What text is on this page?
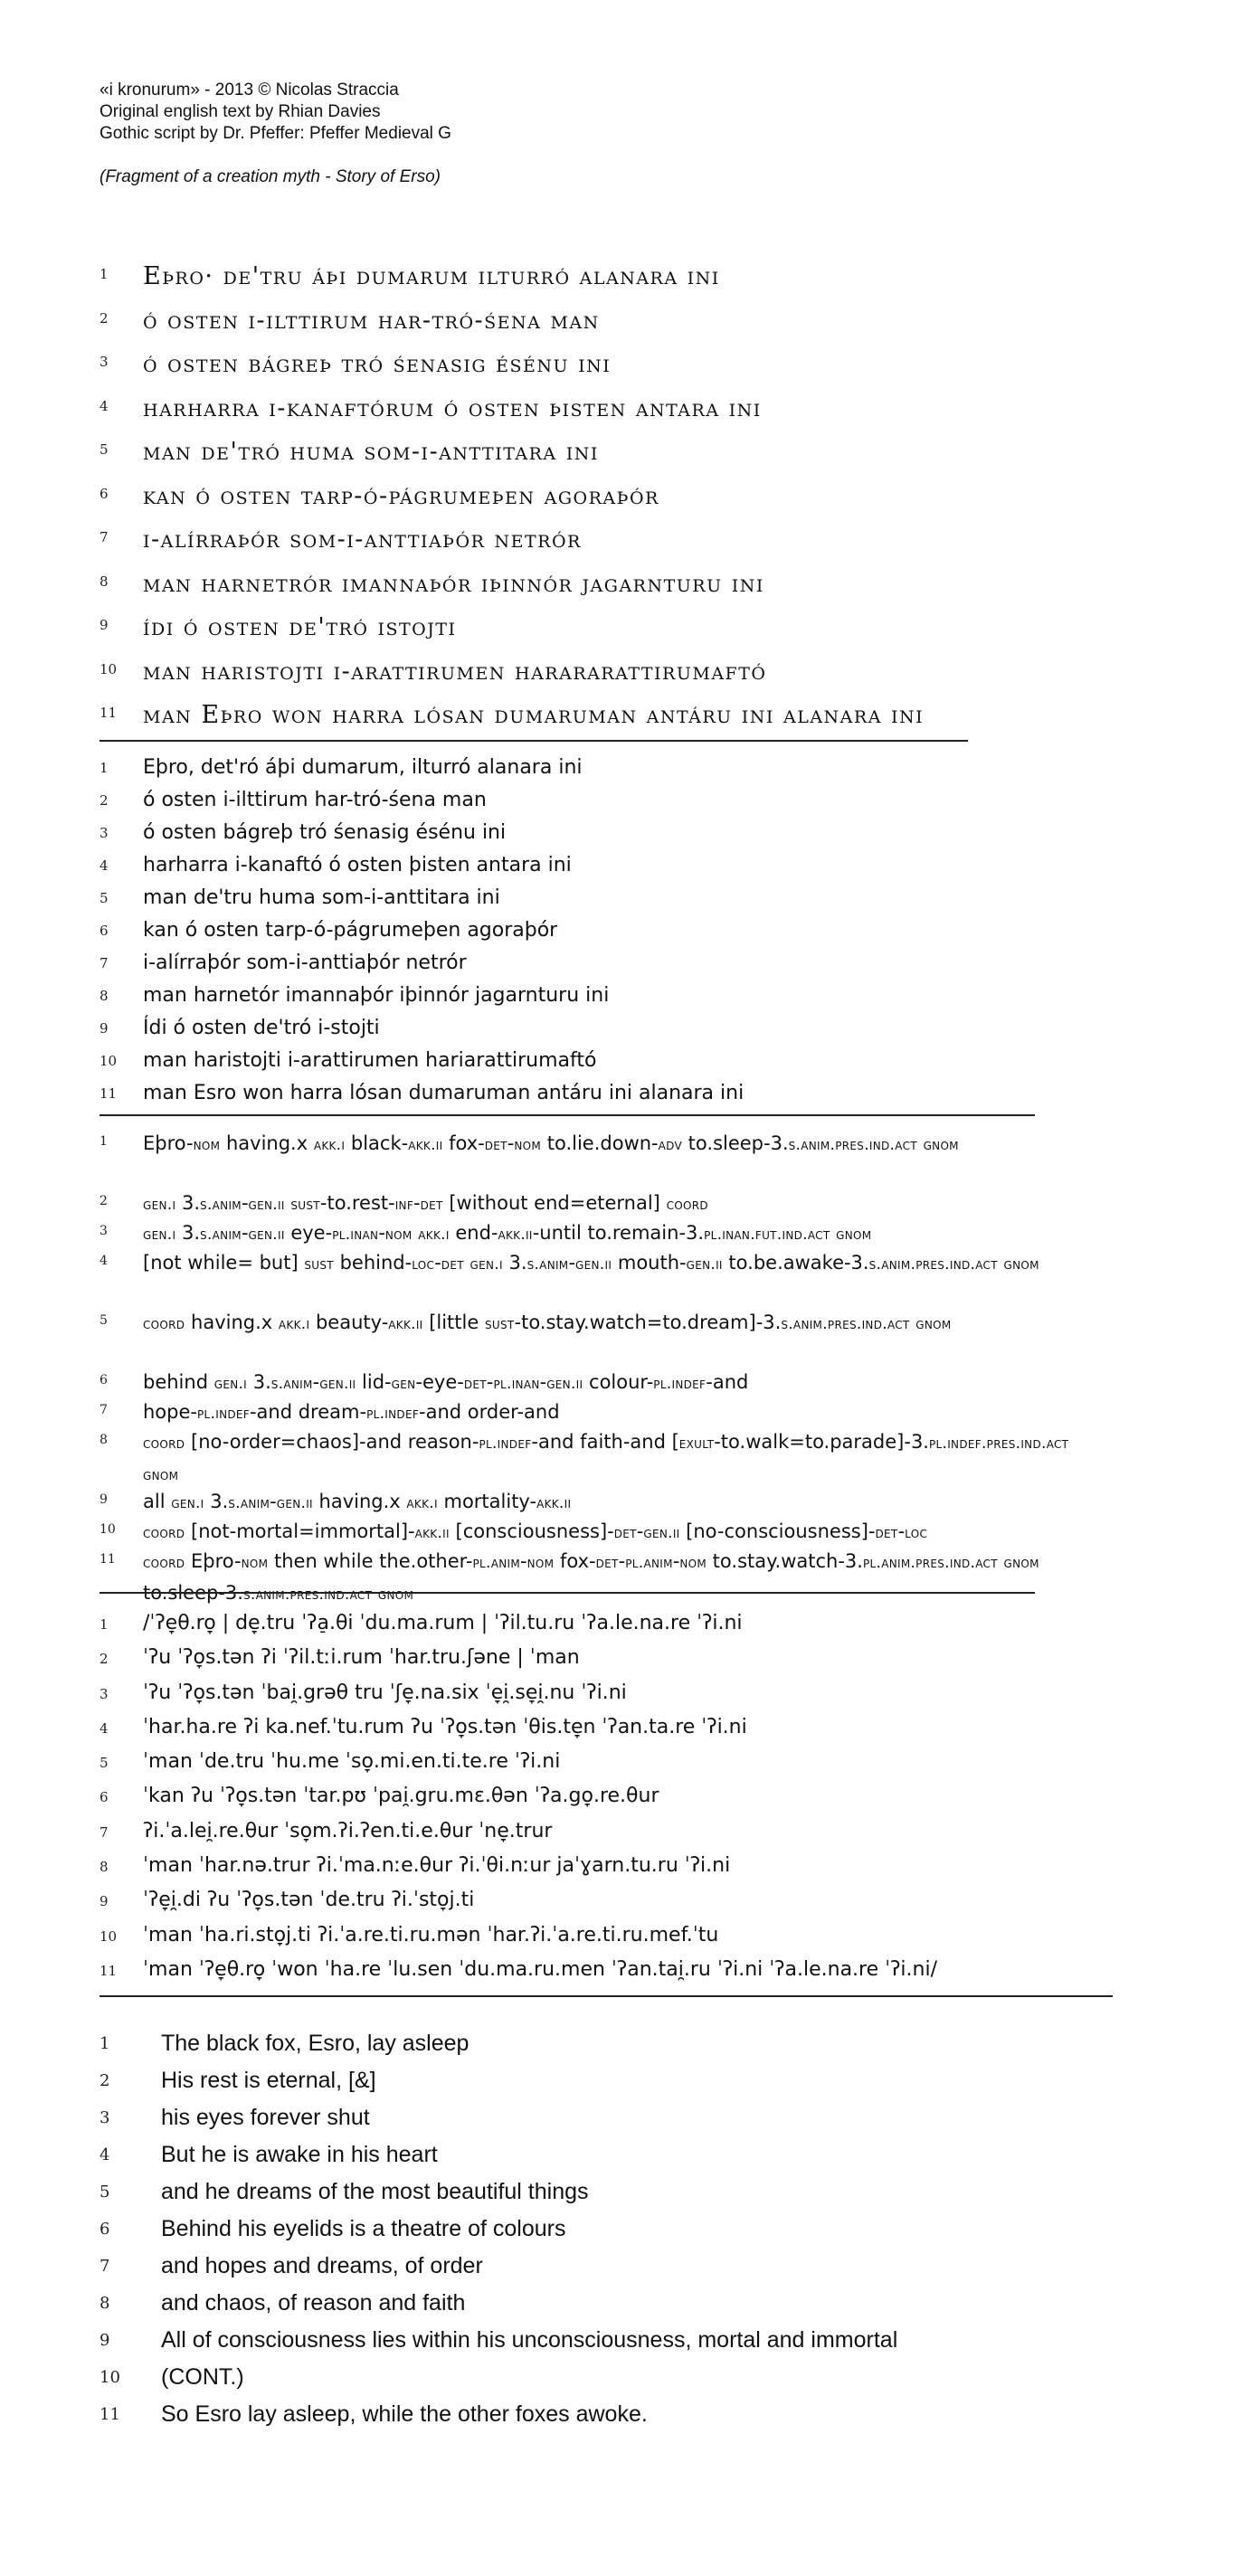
«i kronurum» - 2013 © Nicolas Straccia
Original english text by Rhian Davies
Gothic script by Dr. Pfeffer: Pfeffer Medieval G
(Fragment of a creation myth - Story of Erso)
1 Eþro· de'tru áþi dumarum ilturró alanara ini
2 ó osten i-ilttirum har-tró-śena man
3 ó osten bágreþ tró śenasig ésénu ini
4 harharra i-kanaftórum ó osten þisten antara ini
5 man de'tró huma som-i-anttitara ini
6 kan ó osten tarp-ó-págrumeþen agoraþór
7 i-alírraþór som-i-anttiaþór netrór
8 man harnetrór imannaþór iþinnór jagarnturu ini
9 ídi ó osten de'tró istojti
10 man haristojti i-arattirumen harararattirumaftó
11 man Eþro won harra lósan dumaruman antáru ini alanara ini
1 Eþro, det'ró áþi dumarum, ilturró alanara ini
2 ó osten i-ilttirum har-tró-śena man
3 ó osten bágreþ tró śenasig ésénu ini
4 harharra i-kanaftó ó osten þisten antara ini
5 man de'tru huma som-i-anttitara ini
6 kan ó osten tarp-ó-págrumeþen agoraþór
7 i-alírraþór som-i-anttiaþór netrór
8 man harnetór imannaþór iþinnór jagarnturu ini
9 Ídi ó osten de'tró i-stojti
10 man haristojti i-arattirumen hariarattirumaftó
11 man Esro won harra lósan dumaruman antáru ini alanara ini
1 Eþro-nom having.x akk.i black-akk.ii fox-det-nom to.lie.down-adv to.sleep-3.s.anim.pres.ind.act gnom
2 gen.i 3.s.anim-gen.ii sust-to.rest-inf-det [without end=eternal] coord
3 gen.i 3.s.anim-gen.ii eye-pl.inan-nom akk.i end-akk.ii-until to.remain-3.pl.inan.fut.ind.act gnom
4 [not while= but] sust behind-loc-det gen.i 3.s.anim-gen.ii mouth-gen.ii to.be.awake-3.s.anim.pres.ind.act gnom
5 coord having.x akk.i beauty-akk.ii [little sust-to.stay.watch=to.dream]-3.s.anim.pres.ind.act gnom
6 behind gen.i 3.s.anim-gen.ii lid-gen-eye-det-pl.inan-gen.ii colour-pl.indef-and
7 hope-pl.indef-and dream-pl.indef-and order-and
8 coord [no-order=chaos]-and reason-pl.indef-and faith-and [exult-to.walk=to.parade]-3.pl.indef.pres.ind.act gnom
9 all gen.i 3.s.anim-gen.ii having.x akk.i mortality-akk.ii
10 coord [not-mortal=immortal]-akk.ii [consciousness]-det-gen.ii [no-consciousness]-det-loc
11 coord Eþro-nom then while the.other-pl.anim-nom fox-det-pl.anim-nom to.stay.watch-3.pl.anim.pres.ind.act gnom to.sleep-3.s.anim.pres.ind.act gnom
1 /ˈʔe̞θ.ro̞ | de̞.tru ˈʔa̠.θi ˈdu.ma.rum | ˈʔil.tu.ru ˈʔa.le.na.re ˈʔi.ni
2 ˈʔu ˈʔo̞s.tən ʔi ˈʔil.tːi.rum ˈhar.tru.ʃəne | ˈman
3 ˈʔu ˈʔo̞s.tən ˈbai̯.grəθ tru ˈʃe̞.na.six ˈe̞i̯.se̞i̯.nu ˈʔi.ni
4 ˈhar.ha.re ʔi ka.nef.ˈtu.rum ʔu ˈʔo̞s.tən ˈθis.te̞n ˈʔan.ta.re ˈʔi.ni
5 ˈman ˈde.tru ˈhu.me ˈso̞.mi.en.ti.te.re ˈʔi.ni
6 ˈkan ʔu ˈʔo̞s.tən ˈtar.pʊ ˈpai̯.gru.mɛ.θən ˈʔa.go̞.re.θur
7 ʔi.ˈa.lei̯.re.θur ˈso̞m.ʔi.ʔen.ti.e.θur ˈne̞.trur
8 ˈman ˈhar.nə.trur ʔi.ˈma.nːe.θur ʔi.ˈθi.nːur jaˈɣarn.tu.ru ˈʔi.ni
9 ˈʔe̞i̯.di ʔu ˈʔo̞s.tən ˈde.tru ʔi.ˈsto̞j.ti
10 ˈman ˈha.ri.sto̞j.ti ʔi.ˈa.re.ti.ru.mən ˈhar.ʔi.ˈa.re.ti.ru.mef.ˈtu
11 ˈman ˈʔe̞θ.ro̞ ˈwon ˈha.re ˈlu.sen ˈdu.ma.ru.men ˈʔan.tai̯.ru ˈʔi.ni ˈʔa.le.na.re ˈʔi.ni/
1 The black fox, Esro, lay asleep
2 His rest is eternal, [&]
3 his eyes forever shut
4 But he is awake in his heart
5 and he dreams of the most beautiful things
6 Behind his eyelids is a theatre of colours
7 and hopes and dreams, of order
8 and chaos, of reason and faith
9 All of consciousness lies within his unconsciousness, mortal and immortal
10 (CONT.)
11 So Esro lay asleep, while the other foxes awoke.
